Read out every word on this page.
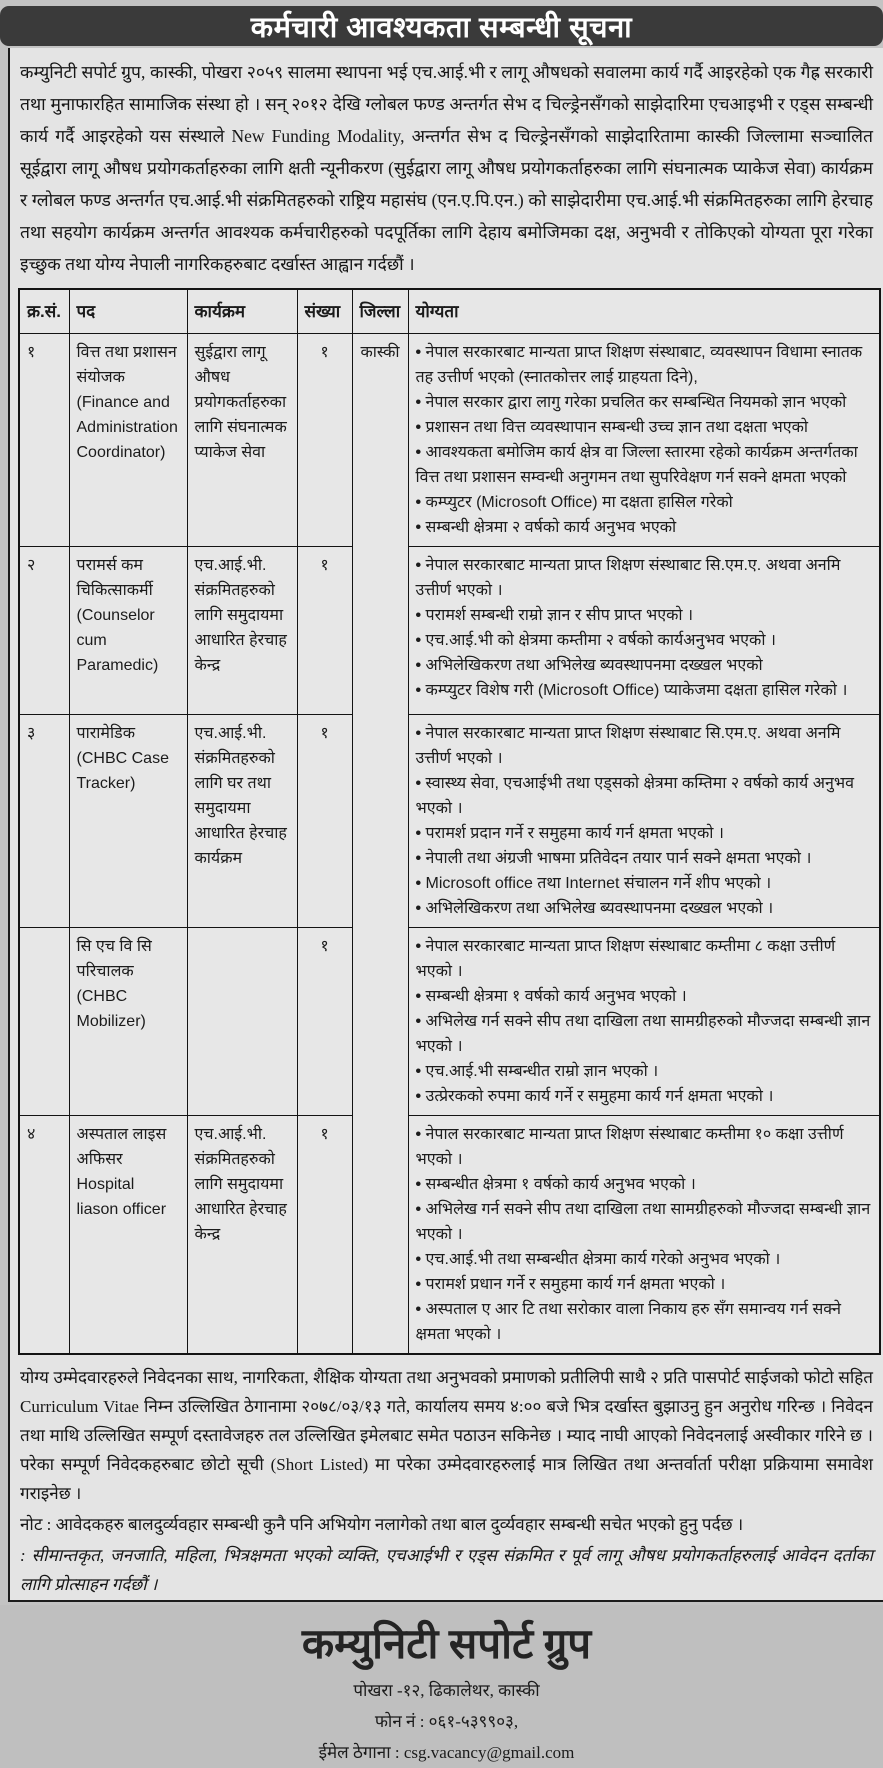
कर्मचारी आवश्यकता सम्बन्धी सूचना

कम्युनिटी सपोर्ट ग्रुप, कास्की, पोखरा २०५९ सालमा स्थापना भई एच.आई.भी र लागू औषधको सवालमा कार्य गर्दै आइरहेको एक गैह्र सरकारी तथा मुनाफारहित सामाजिक संस्था हो । सन् २०१२ देखि ग्लोबल फण्ड अन्तर्गत सेभ द चिल्ड्रेनसँगको साझेदारिमा एचआइभी र एड्स सम्बन्धी कार्य गर्दै आइरहेको यस संस्थाले New Funding Modality, अन्तर्गत सेभ द चिल्ड्रेनसँगको साझेदारितामा कास्की जिल्लामा सञ्चालित सूईद्वारा लागू औषध प्रयोगकर्ताहरुका लागि क्षती न्यूनीकरण (सुईद्वारा लागू औषध प्रयोगकर्ताहरुका लागि संघनात्मक प्याकेज सेवा) कार्यक्रम र ग्लोबल फण्ड अन्तर्गत एच.आई.भी संक्रमितहरुको राष्ट्रिय महासंघ (एन.ए.पि.एन.) को साझेदारीमा एच.आई.भी संक्रमितहरुका लागि हेरचाह तथा सहयोग कार्यक्रम अन्तर्गत आवश्यक कर्मचारीहरुको पदपूर्तिका लागि देहाय बमोजिमका दक्ष, अनुभवी र तोकिएको योग्यता पूरा गरेका इच्छुक तथा योग्य नेपाली नागरिकहरुबाट दर्खास्त आह्वान गर्दछौं ।

क्र.सं.	पद	कार्यक्रम	संख्या	जिल्ला	योग्यता
१	वित्त तथा प्रशासन संयोजक (Finance and Administration Coordinator)	सुईद्वारा लागू औषध प्रयोगकर्ताहरुका लागि संघनात्मक प्याकेज सेवा	१	कास्की	
•नेपाल सरकारबाट मान्यता प्राप्त शिक्षण संस्थाबाट, व्यवस्थापन विधामा स्नातक तह उत्तीर्ण भएको (स्नातकोत्तर लाई ग्राहयता दिने),
• नेपाल सरकार द्वारा लागु गरेका प्रचलित कर सम्बन्धित नियमको ज्ञान भएको
• प्रशासन तथा वित्त व्यवस्थापान सम्बन्धी उच्च ज्ञान तथा दक्षता भएको
• आवश्यकता बमोजिम कार्य क्षेत्र वा जिल्ला स्तारमा रहेको कार्यक्रम अन्तर्गतका वित्त तथा प्रशासन सम्वन्धी अनुगमन तथा सुपरिवेक्षण गर्न सक्ने क्षमता भएको
• कम्प्युटर (Microsoft Office) मा दक्षता हासिल गरेको
• सम्बन्धी क्षेत्रमा २ वर्षको कार्य अनुभव भएको

२	परामर्स कम चिकित्साकर्मी (Counselor cum Paramedic)	एच.आई.भी. संक्रमितहरुको लागि समुदायमा आधारित हेरचाह केन्द्र	१		• नेपाल सरकारबाट मान्यता प्राप्त शिक्षण संस्थाबाट सि.एम.ए. अथवा अनमि उत्तीर्ण भएको ।
• परामर्श सम्बन्धी राम्रो ज्ञान र सीप प्राप्त भएको ।
• एच.आई.भी को क्षेत्रमा कम्तीमा २ वर्षको कार्यअनुभव भएको ।
• अभिलेखिकरण तथा अभिलेख ब्यवस्थापनमा दख्खल भएको
• कम्प्युटर विशेष गरी (Microsoft Office) प्याकेजमा दक्षता हासिल गरेको ।

३	पारामेडिक (CHBC Case Tracker)	एच.आई.भी. संक्रमितहरुको लागि घर तथा समुदायमा आधारित हेरचाह कार्यक्रम	१	
•नेपाल सरकारबाट मान्यता प्राप्त शिक्षण संस्थाबाट सि.एम.ए. अथवा अनमि उत्तीर्ण भएको ।
• स्वास्थ्य सेवा, एचआईभी तथा एड्सको क्षेत्रमा कम्तिमा २ वर्षको कार्य अनुभव भएको ।
• परामर्श प्रदान गर्ने र समुहमा कार्य गर्न क्षमता भएको ।
• नेपाली तथा अंग्रजी भाषमा प्रतिवेदन तयार पार्न सक्ने क्षमता भएको ।
• Microsoft office तथा Internet संचालन गर्ने शीप भएको ।
• अभिलेखिकरण तथा अभिलेख ब्यवस्थापनमा दख्खल भएको ।

	सि एच वि सि परिचालक (CHBC Mobilizer)		१		• नेपाल सरकारबाट मान्यता प्राप्त शिक्षण संस्थाबाट कम्तीमा ८ कक्षा उत्तीर्ण भएको ।
• सम्बन्धी क्षेत्रमा १ वर्षको कार्य अनुभव भएको ।
• अभिलेख गर्न सक्ने सीप तथा दाखिला तथा सामग्रीहरुको मौज्जदा सम्बन्धी ज्ञान भएको ।
• एच.आई.भी सम्बन्धीत राम्रो ज्ञान भएको ।
• उत्प्रेरकको रुपमा कार्य गर्ने र समुहमा कार्य गर्न क्षमता भएको ।

४	अस्पताल लाइस अफिसर Hospital liason officer	एच.आई.भी. संक्रमितहरुको लागि समुदायमा आधारित हेरचाह केन्द्र	१	
•नेपाल सरकारबाट मान्यता प्राप्त शिक्षण संस्थाबाट कम्तीमा १० कक्षा उत्तीर्ण भएको ।
• सम्बन्धीत क्षेत्रमा १ वर्षको कार्य अनुभव भएको ।
• अभिलेख गर्न सक्ने सीप तथा दाखिला तथा सामग्रीहरुको मौज्जदा सम्बन्धी ज्ञान भएको ।
• एच.आई.भी तथा सम्बन्धीत क्षेत्रमा कार्य गरेको अनुभव भएको ।
• परामर्श प्रधान गर्ने र समुहमा कार्य गर्न क्षमता भएको ।
• अस्पताल ए आर टि तथा सरोकार वाला निकाय हरु सँग समान्वय गर्न सक्ने क्षमता भएको ।

योग्य उम्मेदवारहरुले निवेदनका साथ, नागरिकता, शैक्षिक योग्यता तथा अनुभवको प्रमाणको प्रतीलिपी साथै २ प्रति पासपोर्ट साईजको फोटो सहित Curriculum Vitae निम्न उल्लिखित ठेगानामा २०७८/०३/१३ गते, कार्यालय समय ४:०० बजे भित्र दर्खास्त बुझाउनु हुन अनुरोध गरिन्छ । निवेदन तथा माथि उल्लिखित सम्पूर्ण दस्तावेजहरु तल उल्लिखित इमेलबाट समेत पठाउन सकिनेछ । म्याद नाघी आएको निवेदनलाई अस्वीकार गरिने छ । परेका सम्पूर्ण निवेदकहरुबाट छोटो सूची (Short Listed) मा परेका उम्मेदवारहरुलाई मात्र लिखित तथा अन्तर्वार्ता परीक्षा प्रक्रियामा समावेश गराइनेछ ।

नोट : आवेदकहरु बालदुर्व्यवहार सम्बन्धी कुनै पनि अभियोग नलागेको तथा बाल दुर्व्यवहार सम्बन्धी सचेत भएको हुनु पर्दछ ।

: सीमान्तकृत, जनजाति, महिला, भित्रक्षमता भएको व्यक्ति, एचआईभी र एड्स संक्रमित र पूर्व लागू औषध प्रयोगकर्ताहरुलाई आवेदन दर्ताका लागि प्रोत्साहन गर्दछौं ।

कम्युनिटी सपोर्ट ग्रुप
पोखरा -१२, ढिकालेथर, कास्की
फोन नं : ०६१-५३९९०३,
ईमेल ठेगाना : csg.vacancy@gmail.com
